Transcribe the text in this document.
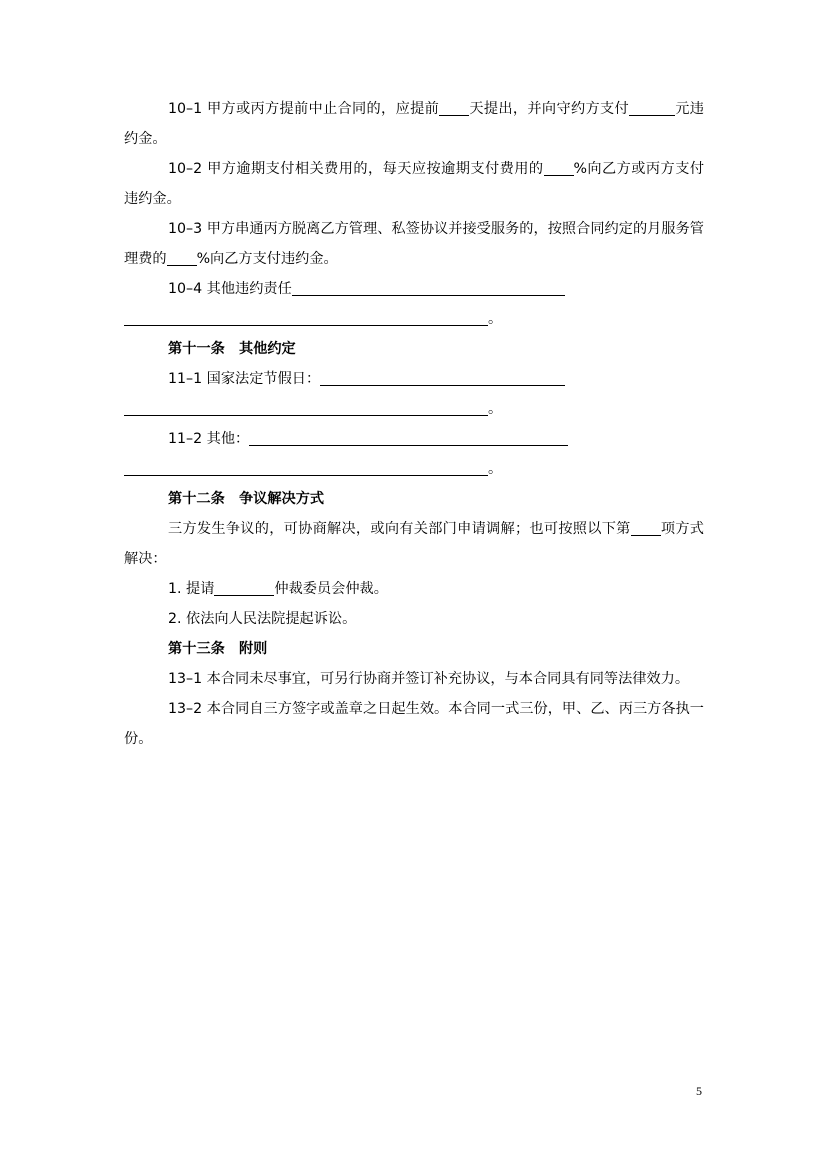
10–1 甲方或丙方提前中止合同的，应提前 天提出，并向守约方支付	元违约金。

10–2 甲方逾期支付相关费用的，每天应按逾期支付费用的 %向乙方或丙方支付违约金。

10–3 甲方串通丙方脱离乙方管理、私签协议并接受服务的，按照合同约定的月服务管理费的 %向乙方支付违约金。

10–4 其他违约责任

。

第十一条　其他约定

11–1 国家法定节假日：

。

11–2 其他：

。

第十二条　争议解决方式

三方发生争议的，可协商解决，或向有关部门申请调解；也可按照以下第 项方式解决：

1. 提请	仲裁委员会仲裁。

2. 依法向人民法院提起诉讼。

第十三条　附则

13–1 本合同未尽事宜，可另行协商并签订补充协议，与本合同具有同等法律效力。

13–2 本合同自三方签字或盖章之日起生效。本合同一式三份，甲、乙、丙三方各执一份。

5
